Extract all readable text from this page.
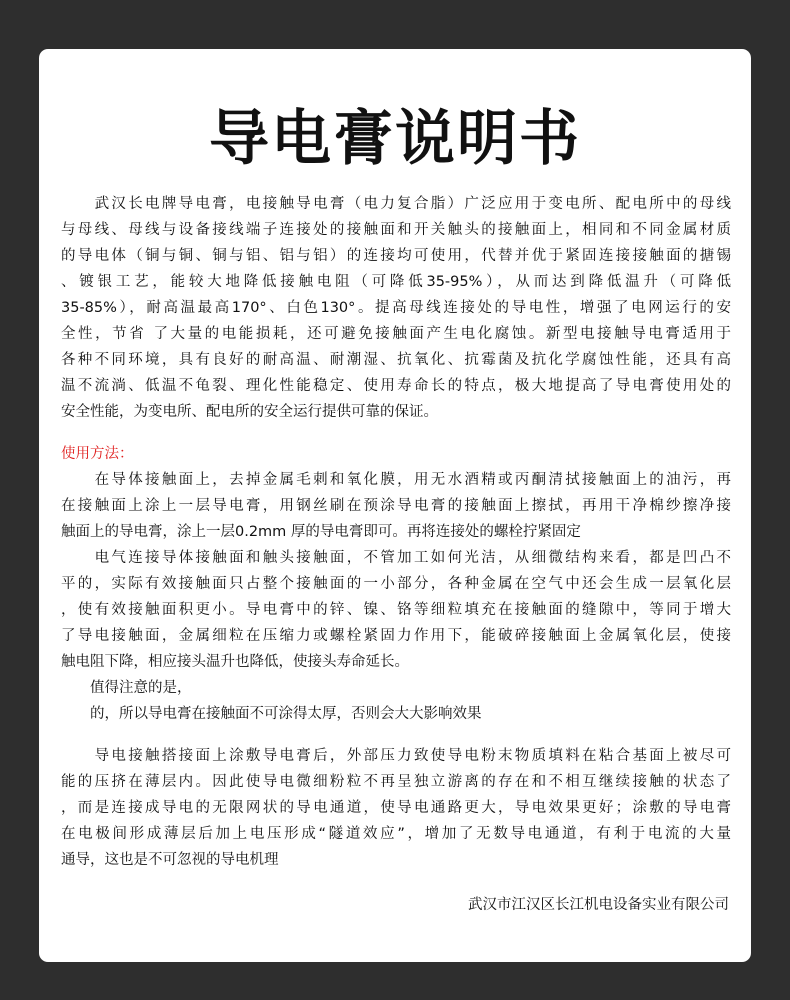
导电膏说明书
　　武汉长电牌导电膏，电接触导电膏（电力复合脂）广泛应用于变电所、配电所中的母线
与母线、母线与设备接线端子连接处的接触面和开关触头的接触面上，相同和不同金属材质
的导电体（铜与铜、铜与铝、铝与铝）的连接均可使用，代替并优于紧固连接接触面的搪锡
、镀银工艺，能较大地降低接触电阻（可降低35-95%），从而达到降低温升（可降低
35-85%），耐高温最高170°、白色130°。提高母线连接处的导电性，增强了电网运行的安
全性，节省 了大量的电能损耗，还可避免接触面产生电化腐蚀。新型电接触导电膏适用于
各种不同环境，具有良好的耐高温、耐潮湿、抗氧化、抗霉菌及抗化学腐蚀性能，还具有高
温不流淌、低温不龟裂、理化性能稳定、使用寿命长的特点，极大地提高了导电膏使用处的
安全性能，为变电所、配电所的安全运行提供可靠的保证。
使用方法：
　　在导体接触面上，去掉金属毛刺和氧化膜，用无水酒精或丙酮清拭接触面上的油污，再
在接触面上涂上一层导电膏，用钢丝刷在预涂导电膏的接触面上擦拭，再用干净棉纱擦净接
触面上的导电膏，涂上一层0.2mm 厚的导电膏即可。再将连接处的螺栓拧紧固定
　　电气连接导体接触面和触头接触面，不管加工如何光洁，从细微结构来看，都是凹凸不
平的，实际有效接触面只占整个接触面的一小部分，各种金属在空气中还会生成一层氧化层
，使有效接触面积更小。导电膏中的锌、镍、铬等细粒填充在接触面的缝隙中，等同于增大
了导电接触面，金属细粒在压缩力或螺栓紧固力作用下，能破碎接触面上金属氧化层，使接
触电阻下降，相应接头温升也降低，使接头寿命延长。
　　值得注意的是，
　　的，所以导电膏在接触面不可涂得太厚，否则会大大影响效果
　　导电接触搭接面上涂敷导电膏后，外部压力致使导电粉末物质填料在粘合基面上被尽可
能的压挤在薄层内。因此使导电微细粉粒不再呈独立游离的存在和不相互继续接触的状态了
，而是连接成导电的无限网状的导电通道，使导电通路更大，导电效果更好；涂敷的导电膏
在电极间形成薄层后加上电压形成“隧道效应”，增加了无数导电通道，有利于电流的大量
通导，这也是不可忽视的导电机理
武汉市江汉区长江机电设备实业有限公司
